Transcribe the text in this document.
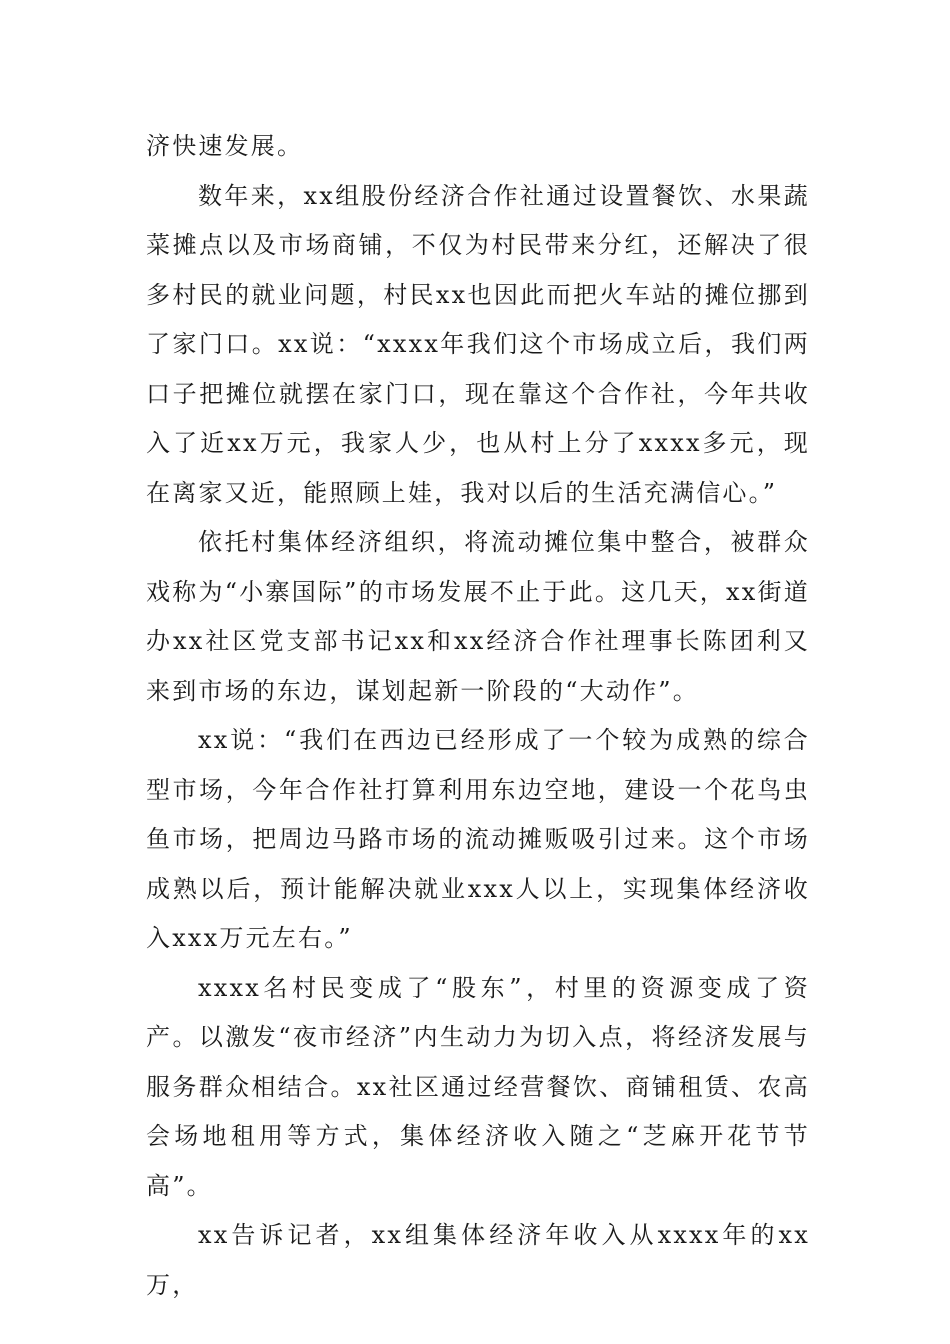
济快速发展。

数年来，xx组股份经济合作社通过设置餐饮、水果蔬菜摊点以及市场商铺，不仅为村民带来分红，还解决了很多村民的就业问题，村民xx也因此而把火车站的摊位挪到了家门口。xx说：“xxxx年我们这个市场成立后，我们两口子把摊位就摆在家门口，现在靠这个合作社，今年共收入了近xx万元，我家人少，也从村上分了xxxx多元，现在离家又近，能照顾上娃，我对以后的生活充满信心。”

依托村集体经济组织，将流动摊位集中整合，被群众戏称为“小寨国际”的市场发展不止于此。这几天，xx街道办xx社区党支部书记xx和xx经济合作社理事长陈团利又来到市场的东边，谋划起新一阶段的“大动作”。

xx说：“我们在西边已经形成了一个较为成熟的综合型市场，今年合作社打算利用东边空地，建设一个花鸟虫鱼市场，把周边马路市场的流动摊贩吸引过来。这个市场成熟以后，预计能解决就业xxx人以上，实现集体经济收入xxx万元左右。”

xxxx名村民变成了“股东”，村里的资源变成了资产。以激发“夜市经济”内生动力为切入点，将经济发展与服务群众相结合。xx社区通过经营餐饮、商铺租赁、农高会场地租用等方式，集体经济收入随之“芝麻开花节节高”。

xx告诉记者，xx组集体经济年收入从xxxx年的xx万，
